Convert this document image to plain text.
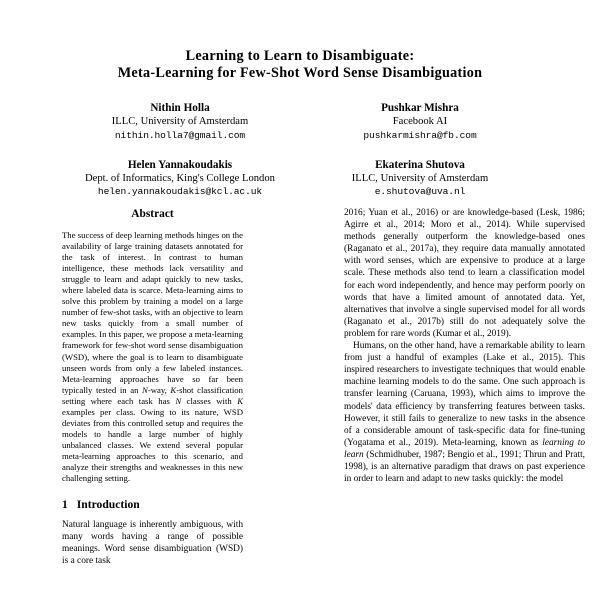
Learning to Learn to Disambiguate:
Meta-Learning for Few-Shot Word Sense Disambiguation
Nithin Holla
ILLC, University of Amsterdam
nithin.holla7@gmail.com
Pushkar Mishra
Facebook AI
pushkarmishra@fb.com
Helen Yannakoudakis
Dept. of Informatics, King's College London
helen.yannakoudakis@kcl.ac.uk
Ekaterina Shutova
ILLC, University of Amsterdam
e.shutova@uva.nl
Abstract
The success of deep learning methods hinges on the availability of large training datasets annotated for the task of interest. In contrast to human intelligence, these methods lack versatility and struggle to learn and adapt quickly to new tasks, where labeled data is scarce. Meta-learning aims to solve this problem by training a model on a large number of few-shot tasks, with an objective to learn new tasks quickly from a small number of examples. In this paper, we propose a meta-learning framework for few-shot word sense disambiguation (WSD), where the goal is to learn to disambiguate unseen words from only a few labeled instances. Meta-learning approaches have so far been typically tested in an N-way, K-shot classification setting where each task has N classes with K examples per class. Owing to its nature, WSD deviates from this controlled setup and requires the models to handle a large number of highly unbalanced classes. We extend several popular meta-learning approaches to this scenario, and analyze their strengths and weaknesses in this new challenging setting.
1 Introduction

Natural language is inherently ambiguous, with many words having a range of possible meanings. Word sense disambiguation (WSD) is a core task

2016; Yuan et al., 2016) or are knowledge-based (Lesk, 1986; Agirre et al., 2014; Moro et al., 2014). While supervised methods generally outperform the knowledge-based ones (Raganato et al., 2017a), they require data manually annotated with word senses, which are expensive to produce at a large scale. These methods also tend to learn a classification model for each word independently, and hence may perform poorly on words that have a limited amount of annotated data. Yet, alternatives that involve a single supervised model for all words (Raganato et al., 2017b) still do not adequately solve the problem for rare words (Kumar et al., 2019).

Humans, on the other hand, have a remarkable ability to learn from just a handful of examples (Lake et al., 2015). This inspired researchers to investigate techniques that would enable machine learning models to do the same. One such approach is transfer learning (Caruana, 1993), which aims to improve the models' data efficiency by transferring features between tasks. However, it still fails to generalize to new tasks in the absence of a considerable amount of task-specific data for fine-tuning (Yogatama et al., 2019). Meta-learning, known as learning to learn (Schmidhuber, 1987; Bengio et al., 1991; Thrun and Pratt, 1998), is an alternative paradigm that draws on past experience in order to learn and adapt to new tasks quickly: the model
